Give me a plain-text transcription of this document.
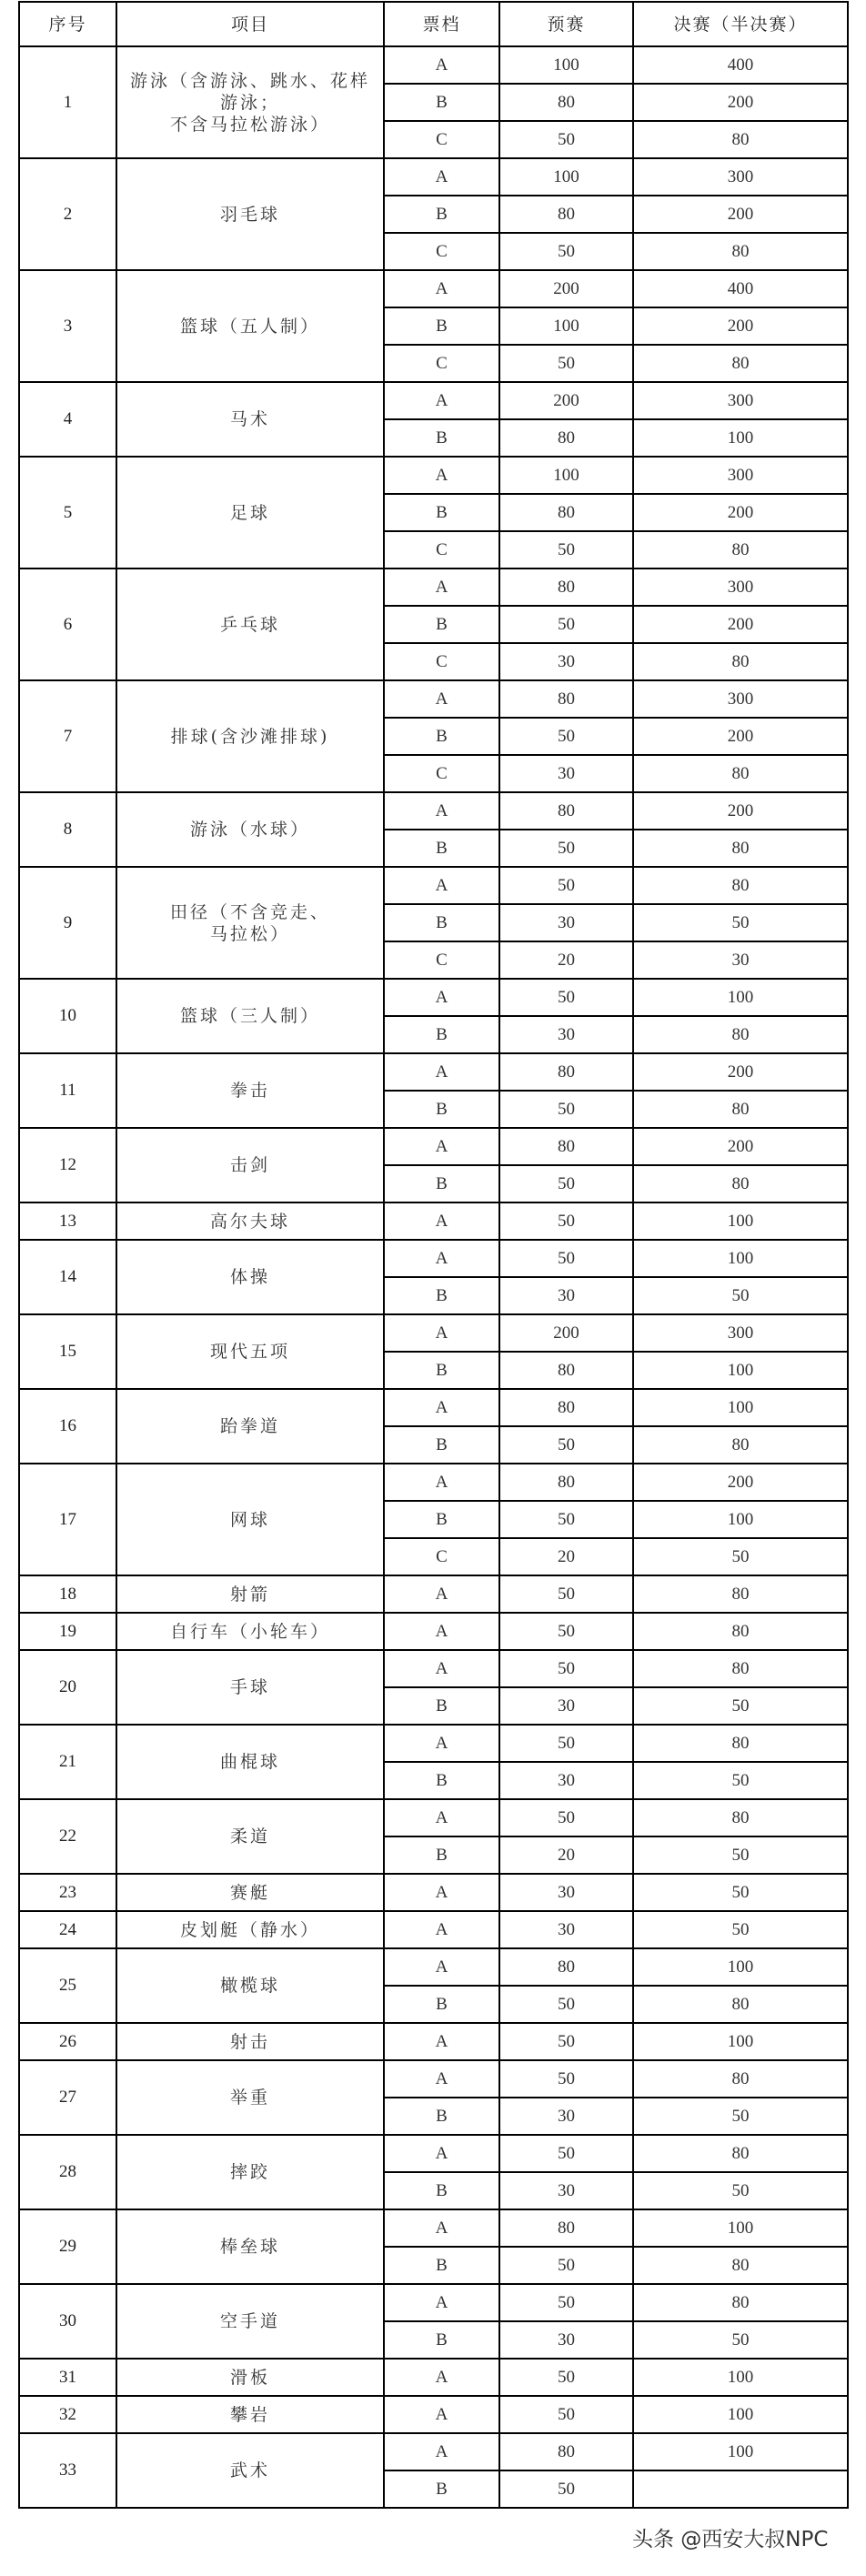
序号	项目	票档	预赛	决赛（半决赛）
1	游泳（含游泳、跳水、花样
游泳；
不含马拉松游泳）	A	100	400
		B	80	200
		C	50	80
2	羽毛球	A	100	300
		B	80	200
		C	50	80
3	篮球（五人制）	A	200	400
		B	100	200
		C	50	80
4	马术	A	200	300
		B	80	100
5	足球	A	100	300
		B	80	200
		C	50	80
6	乒乓球	A	80	300
		B	50	200
		C	30	80
7	排球(含沙滩排球)	A	80	300
		B	50	200
		C	30	80
8	游泳（水球）	A	80	200
		B	50	80
9	田径（不含竞走、
马拉松）	A	50	80
		B	30	50
		C	20	30
10	篮球（三人制）	A	50	100
		B	30	80
11	拳击	A	80	200
		B	50	80
12	击剑	A	80	200
		B	50	80
13	高尔夫球	A	50	100
14	体操	A	50	100
		B	30	50
15	现代五项	A	200	300
		B	80	100
16	跆拳道	A	80	100
		B	50	80
17	网球	A	80	200
		B	50	100
		C	20	50
18	射箭	A	50	80
19	自行车（小轮车）	A	50	80
20	手球	A	50	80
		B	30	50
21	曲棍球	A	50	80
		B	30	50
22	柔道	A	50	80
		B	20	50
23	赛艇	A	30	50
24	皮划艇（静水）	A	30	50
25	橄榄球	A	80	100
		B	50	80
26	射击	A	50	100
27	举重	A	50	80
		B	30	50
28	摔跤	A	50	80
		B	30	50
29	棒垒球	A	80	100
		B	50	80
30	空手道	A	50	80
		B	30	50
31	滑板	A	50	100
32	攀岩	A	50	100
33	武术	A	80	100
		B	50	
头条 @西安大叔NPC
